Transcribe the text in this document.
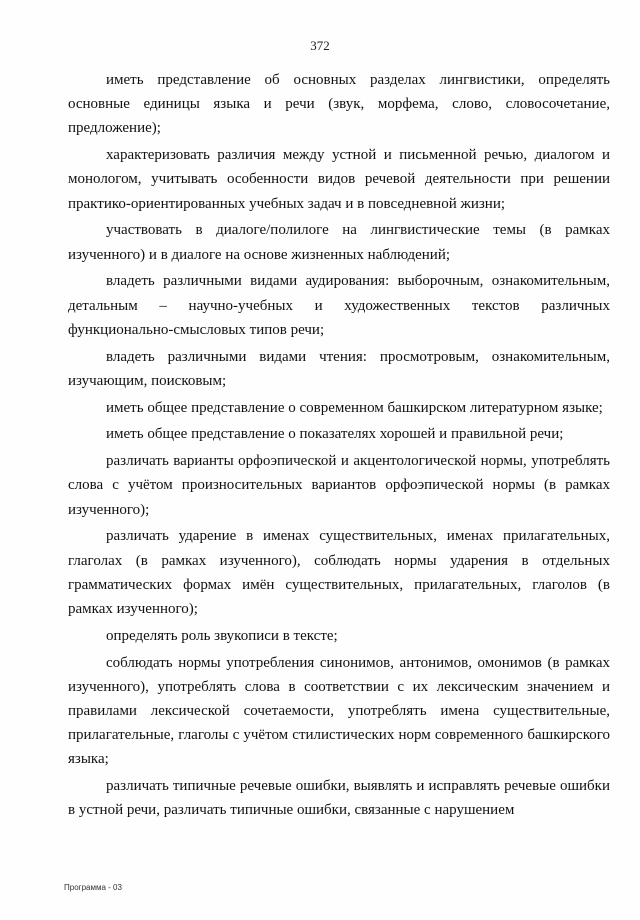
372

иметь представление об основных разделах лингвистики, определять основные единицы языка и речи (звук, морфема, слово, словосочетание, предложение);

характеризовать различия между устной и письменной речью, диалогом и монологом, учитывать особенности видов речевой деятельности при решении практико-ориентированных учебных задач и в повседневной жизни;

участвовать в диалоге/полилоге на лингвистические темы (в рамках изученного) и в диалоге на основе жизненных наблюдений;

владеть различными видами аудирования: выборочным, ознакомительным, детальным – научно-учебных и художественных текстов различных функционально-смысловых типов речи;

владеть различными видами чтения: просмотровым, ознакомительным, изучающим, поисковым;

иметь общее представление о современном башкирском литературном языке;

иметь общее представление о показателях хорошей и правильной речи;

различать варианты орфоэпической и акцентологической нормы, употреблять слова с учётом произносительных вариантов орфоэпической нормы (в рамках изученного);

различать ударение в именах существительных, именах прилагательных, глаголах (в рамках изученного), соблюдать нормы ударения в отдельных грамматических формах имён существительных, прилагательных, глаголов (в рамках изученного);

определять роль звукописи в тексте;

соблюдать нормы употребления синонимов, антонимов, омонимов (в рамках изученного), употреблять слова в соответствии с их лексическим значением и правилами лексической сочетаемости, употреблять имена существительные, прилагательные, глаголы с учётом стилистических норм современного башкирского языка;

различать типичные речевые ошибки, выявлять и исправлять речевые ошибки в устной речи, различать типичные ошибки, связанные с нарушением

Программа - 03
